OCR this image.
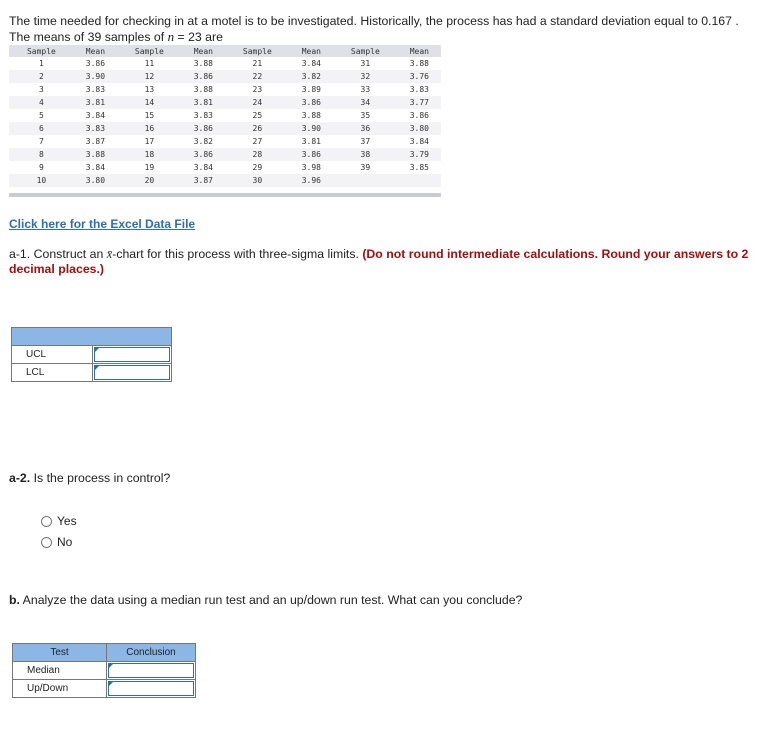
The time needed for checking in at a motel is to be investigated. Historically, the process has had a standard deviation equal to 0.167 .
The means of 39 samples of n = 23 are
Sample	Mean	Sample	Mean	Sample	Mean	Sample	Mean
1	3.86	11	3.88	21	3.84	31	3.88
2	3.90	12	3.86	22	3.82	32	3.76
3	3.83	13	3.88	23	3.89	33	3.83
4	3.81	14	3.81	24	3.86	34	3.77
5	3.84	15	3.83	25	3.88	35	3.86
6	3.83	16	3.86	26	3.90	36	3.80
7	3.87	17	3.82	27	3.81	37	3.84
8	3.88	18	3.86	28	3.86	38	3.79
9	3.84	19	3.84	29	3.98	39	3.85
10	3.80	20	3.87	30	3.96		
Click here for the Excel Data File
a-1. Construct an x̄-chart for this process with three-sigma limits. (Do not round intermediate calculations. Round your answers to 2 decimal places.)

UCL	

LCL	
a-2. Is the process in control?
Yes
No
b. Analyze the data using a median run test and an up/down run test. What can you conclude?
Test	Conclusion
Median	

Up/Down	
